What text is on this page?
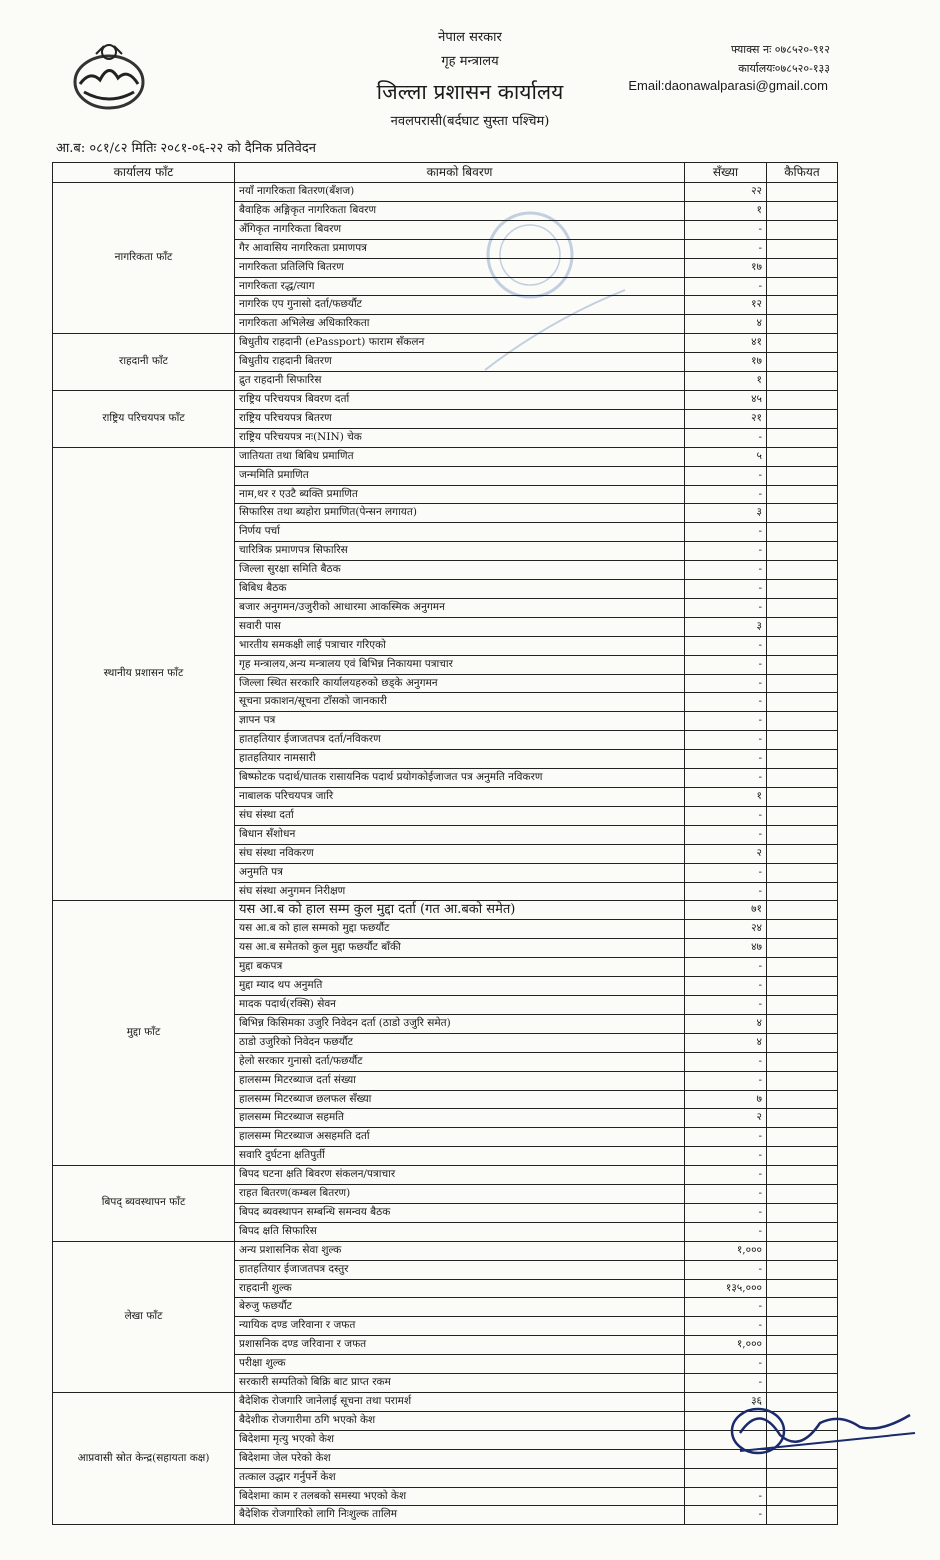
नेपाल सरकार
गृह मन्त्रालय
जिल्ला प्रशासन कार्यालय
नवलपरासी(बर्दघाट सुस्ता पश्चिम)
फ्याक्स नः ०७८५२०-९१२
कार्यालयः०७८५२०-१३३
Email:daonawalparasi@gmail.com
आ.ब: ०८१/८२ मितिः २०८१-०६-२२ को दैनिक प्रतिवेदन
कार्यालय फाँट	कामको बिवरण	सँख्या	कैफियत
नागरिकता फाँट	नयाँ नागरिकता बितरण(बँशज)	२२	
	बैवाहिक अङ्गिकृत नागरिकता बिवरण	१	
	अँगिकृत नागरिकता बिवरण	-	
	गैर आवासिय नागरिकता प्रमाणपत्र	-	
	नागरिकता प्रतिलिपि बितरण	१७	
	नागरिकता रद्ध/त्याग	-	
	नागरिक एप गुनासो दर्ता/फछर्यौट	१२	
	नागरिकता अभिलेख अधिकारिकता	४	
राहदानी फाँट	बिधुतीय राहदानी (ePassport) फाराम सँकलन	४१	
	बिधुतीय राहदानी बितरण	१७	
	द्रुत राहदानी सिफारिस	१	
राष्ट्रिय परिचयपत्र फाँट	राष्ट्रिय परिचयपत्र बिवरण दर्ता	४५	
	राष्ट्रिय परिचयपत्र बितरण	२१	
	राष्ट्रिय परिचयपत्र नः(NIN) चेक	-	
स्थानीय प्रशासन फाँट	जातियता तथा बिबिध प्रमाणित	५	
	जन्ममिति प्रमाणित	-	
	नाम,थर र एउटै ब्यक्ति प्रमाणित	-	
	सिफारिस तथा ब्यहोरा प्रमाणित(पेन्सन लगायत)	३	
	निर्णय पर्चा	-	
	चारित्रिक प्रमाणपत्र सिफारिस	-	
	जिल्ला सुरक्षा समिति बैठक	-	
	बिबिध बैठक	-	
	बजार अनुगमन/उजुरीको आधारमा आकस्मिक अनुगमन	-	
	सवारी पास	३	
	भारतीय समकक्षी लाई पत्राचार गरिएको	-	
	गृह मन्त्रालय,अन्य मन्त्रालय एवं बिभिन्न निकायमा पत्राचार	-	
	जिल्ला स्थित सरकारि कार्यालयहरुको छड्के अनुगमन	-	
	सूचना प्रकाशन/सूचना टाँसको जानकारी	-	
	ज्ञापन पत्र	-	
	हातहतियार ईजाजतपत्र दर्ता/नविकरण	-	
	हातहतियार नामसारी	-	
	बिष्फोटक पदार्थ/घातक रासायनिक पदार्थ प्रयोगकोईजाजत पत्र अनुमति नविकरण	-	
	नाबालक परिचयपत्र जारि	१	
	संघ संस्था दर्ता	-	
	बिधान सँशोधन	-	
	संघ संस्था नविकरण	२	
	अनुमति पत्र	-	
	संघ संस्था अनुगमन निरीक्षण	-	
मुद्दा फाँट	यस आ.ब को हाल सम्म कुल मुद्दा दर्ता (गत आ.बको समेत)	७१	
	यस आ.ब को हाल सम्मको मुद्दा फछर्यौट	२४	
	यस आ.ब समेतको कुल मुद्दा फछर्यौट बाँकी	४७	
	मुद्दा बकपत्र	-	
	मुद्दा म्याद थप अनुमति	-	
	मादक पदार्थ(रक्सि) सेवन	-	
	बिभिन्न किसिमका उजुरि निवेदन दर्ता (ठाडो उजुरि समेत)	४	
	ठाडो उजुरिको निवेदन फछर्यौट	४	
	हेलो सरकार गुनासो दर्ता/फछर्यौट	-	
	हालसम्म मिटरब्याज दर्ता संख्या	-	
	हालसम्म मिटरब्याज छलफल सँख्या	७	
	हालसम्म मिटरब्याज सहमति	२	
	हालसम्म मिटरब्याज असहमति दर्ता	-	
	सवारि दुर्घटना क्षतिपुर्ती	-	
बिपद् ब्यवस्थापन फाँट	बिपद घटना क्षति बिवरण संकलन/पत्राचार	-	
	राहत बितरण(कम्बल बितरण)	-	
	बिपद ब्यवस्थापन सम्बन्धि समन्वय बैठक	-	
	बिपद क्षति सिफारिस	-	
लेखा फाँट	अन्य प्रशासनिक सेवा शुल्क	१,०००	
	हातहतियार ईजाजतपत्र दस्तुर	-	
	राहदानी शुल्क	१३५,०००	
	बेरुजु फछर्यौट	-	
	न्यायिक दण्ड जरिवाना र जफत	-	
	प्रशासनिक दण्ड जरिवाना र जफत	१,०००	
	परीक्षा शुल्क	-	
	सरकारी सम्पतिको बिक्रि बाट प्राप्त रकम	-	
आप्रवासी स्रोत केन्द्र(सहायता कक्ष)	बैदेशिक रोजगारि जानेलाई सूचना तथा परामर्श	३६	
	बैदेशीक रोजगारीमा ठगि भएको केश		
	बिदेशमा मृत्यु भएको केश		
	बिदेशमा जेल परेको केश		
	तत्काल उद्धार गर्नुपर्ने केश		
	बिदेशमा काम र तलबको समस्या भएको केश	-	
	बैदेशिक रोजगारिको लागि निःशुल्क तालिम	-	
